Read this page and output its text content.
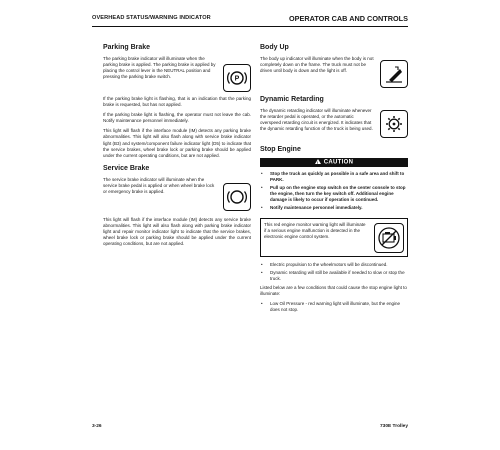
OVERHEAD STATUS/WARNING INDICATOR	OPERATOR CAB AND CONTROLS
Parking Brake

The parking brake indicator will illuminate when the parking brake is applied. The parking brake is applied by placing the control lever in the NEUTRAL position and pressing the parking brake switch.	P

If the parking brake light is flashing, that is an indication that the parking brake is requested, but has not applied.

If the parking brake light is flashing, the operator must not leave the cab. Notify maintenance personnel immediately.

This light will flash if the interface module (IM) detects any parking brake abnormalities. This light will also flash along with service brake indicator light (B3) and system/component failure indicator light (D5) to indicate that the service brakes, wheel brake lock or parking brake should be applied under the current operating conditions, but are not applied.

Service Brake

The service brake indicator will illuminate when the service brake pedal is applied or when wheel brake lock or emergency brake is applied.

This light will flash if the interface module (IM) detects any service brake abnormalities. This light will also flash along with parking brake indicator light and repair monitor indicator light to indicate that the service brakes, wheel brake lock or parking brake should be applied under the current operating conditions, but are not applied.

Body Up

The body up indicator will illuminate when the body is not completely down on the frame. The truck must not be driven until body is down and the light is off.

Dynamic Retarding

The dynamic retarding indicator will illuminate whenever the retarder pedal is operated, or the automatic overspeed retarding circuit is energized. It indicates that the dynamic retarding function of the truck is being used.

Stop Engine
!CAUTION
• Stop the truck as quickly as possible in a safe area and shift to PARK.
• Pull up on the engine stop switch on the center console to stop the engine, then turn the key switch off. Additional engine damage is likely to occur if operation is continued.
• Notify maintenance personnel immediately.

This red engine monitor warning light will illuminate if a serious engine malfunction is detected in the electronic engine control system.

• Electric propulsion to the wheelmotors will be discontinued.
• Dynamic retarding will still be available if needed to slow or stop the truck.

Listed below are a few conditions that could cause the stop engine light to illuminate:

• Low Oil Pressure - red warning light will illuminate, but the engine does not stop.
3-26	730E Trolley
